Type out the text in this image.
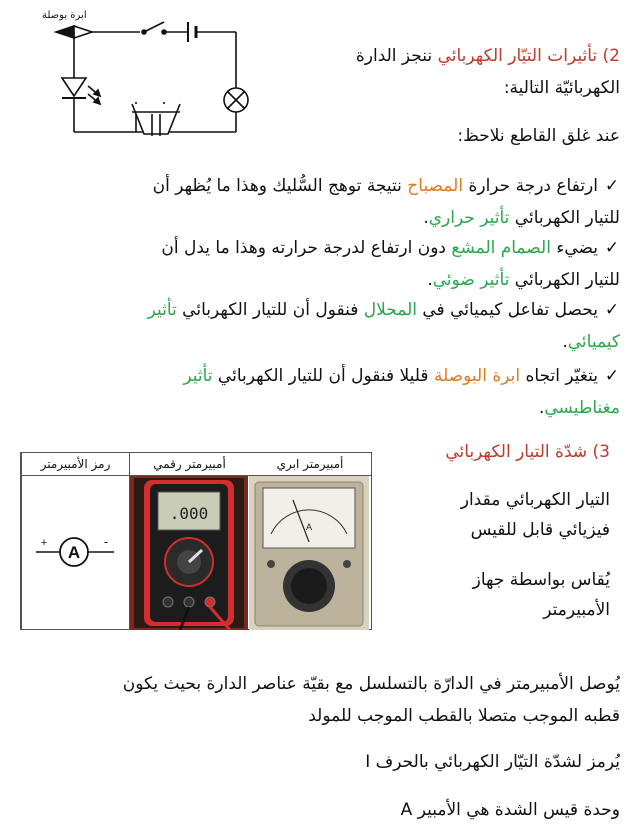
ابرة بوصلة
2) تأثيرات التيّار الكهربائي ننجز الدارة
الكهربائيّة التالية:
عند غلق القاطع نلاحظ:
✓ارتفاع درجة حرارة المصباح نتيجة توهج السُّليك وهذا ما يُظهر أن
للتيار الكهربائي تأثير حراري.
✓يضيء الصمام المشع دون ارتفاع لدرجة حرارته وهذا ما يدل أن
للتيار الكهربائي تأثير ضوئي.
✓يحصل تفاعل كيميائي في المحلال فنقول أن للتيار الكهربائي تأثير
كيميائي.
✓يتغيّر اتجاه ابرة البوصلة قليلا فنقول أن للتيار الكهربائي تأثير
مغناطيسي.
3) شدّة التيار الكهربائي
رمز الأمبيرمتر
A
+	-
أمبيرمتر رقمي
.000
أمبيرمتر ابري
A
التيار الكهربائي مقدار
فيزيائي قابل للقيس
يُقاس بواسطة جهاز
الأمبيرمتر
يُوصل الأمبيرمتر في الدارّة بالتسلسل مع بقيّة عناصر الدارة بحيث يكون
قطبه الموجب متصلا بالقطب الموجب للمولد
يُرمز لشدّة التيّار الكهربائي بالحرف I
وحدة قيس الشدة هي الأمبير A
